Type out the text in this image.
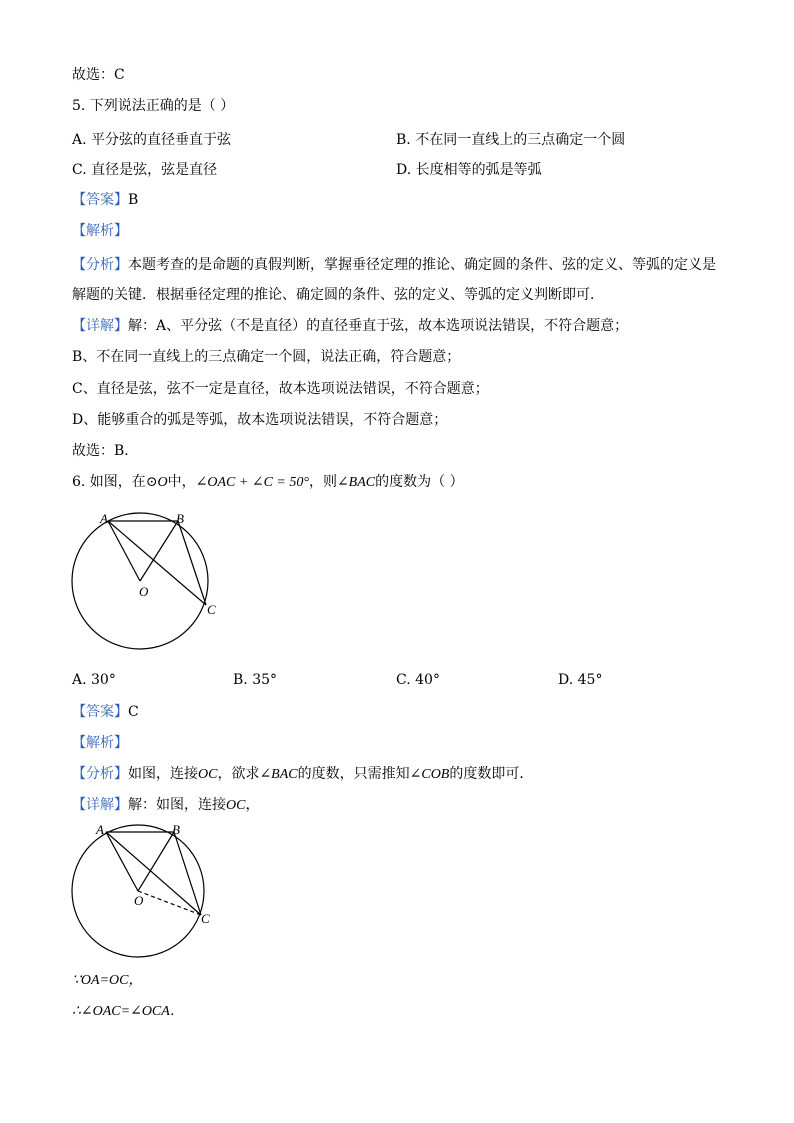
故选：C
5. 下列说法正确的是（ ）
A. 平分弦的直径垂直于弦	B. 不在同一直线上的三点确定一个圆
C. 直径是弦，弦是直径	D. 长度相等的弧是等弧
【答案】B
【解析】
【分析】本题考查的是命题的真假判断，掌握垂径定理的推论、确定圆的条件、弦的定义、等弧的定义是
解题的关键．根据垂径定理的推论、确定圆的条件、弦的定义、等弧的定义判断即可．
【详解】解：A、平分弦（不是直径）的直径垂直于弦，故本选项说法错误，不符合题意；
B、不在同一直线上的三点确定一个圆，说法正确，符合题意；
C、直径是弦，弦不一定是直径，故本选项说法错误，不符合题意；
D、能够重合的弧是等弧，故本选项说法错误，不符合题意；
故选：B．
6. 如图，在⊙O中，∠OAC + ∠C = 50°，则∠BAC的度数为（ ）
A	B
O
C
A. 30°	B. 35°	C. 40°	D. 45°
【答案】C
【解析】
【分析】如图，连接OC，欲求∠BAC的度数，只需推知∠COB的度数即可．
【详解】解：如图，连接OC，
A	B
O
C
∵OA=OC，
∴∠OAC=∠OCA．
